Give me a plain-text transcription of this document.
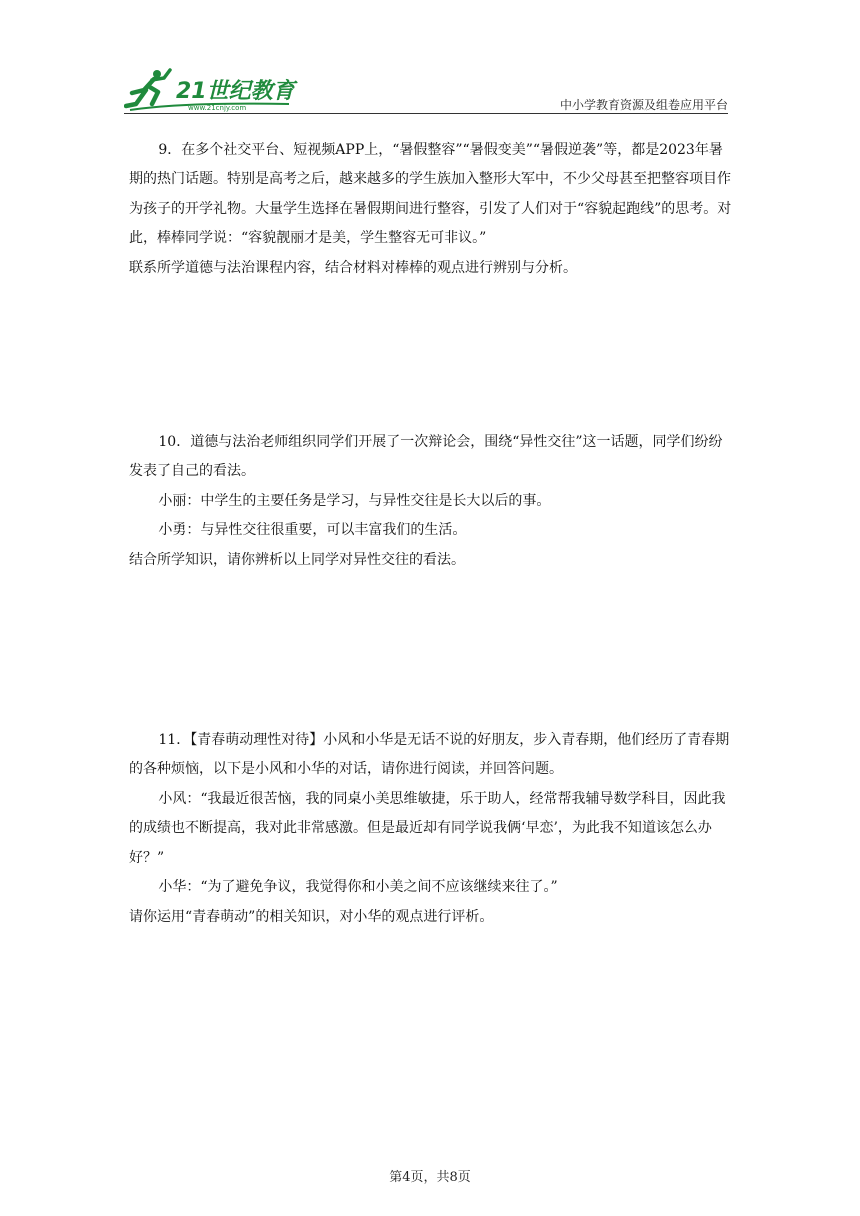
21世纪教育
www.21cnjy.com	中小学教育资源及组卷应用平台

9．在多个社交平台、短视频APP上，“暑假整容”“暑假变美”“暑假逆袭”等，都是2023年暑期的热门话题。特别是高考之后，越来越多的学生族加入整形大军中，不少父母甚至把整容项目作为孩子的开学礼物。大量学生选择在暑假期间进行整容，引发了人们对于“容貌起跑线”的思考。对此，棒棒同学说：“容貌靓丽才是美，学生整容无可非议。”

联系所学道德与法治课程内容，结合材料对棒棒的观点进行辨别与分析。

10．道德与法治老师组织同学们开展了一次辩论会，围绕“异性交往”这一话题，同学们纷纷发表了自己的看法。

小丽：中学生的主要任务是学习，与异性交往是长大以后的事。

小勇：与异性交往很重要，可以丰富我们的生活。

结合所学知识，请你辨析以上同学对异性交往的看法。

11．【青春萌动理性对待】小风和小华是无话不说的好朋友，步入青春期，他们经历了青春期的各种烦恼，以下是小风和小华的对话，请你进行阅读，并回答问题。

小风：“我最近很苦恼，我的同桌小美思维敏捷，乐于助人，经常帮我辅导数学科目，因此我的成绩也不断提高，我对此非常感激。但是最近却有同学说我俩‘早恋’，为此我不知道该怎么办好？”

小华：“为了避免争议，我觉得你和小美之间不应该继续来往了。”

请你运用“青春萌动”的相关知识，对小华的观点进行评析。

第4页，共8页
